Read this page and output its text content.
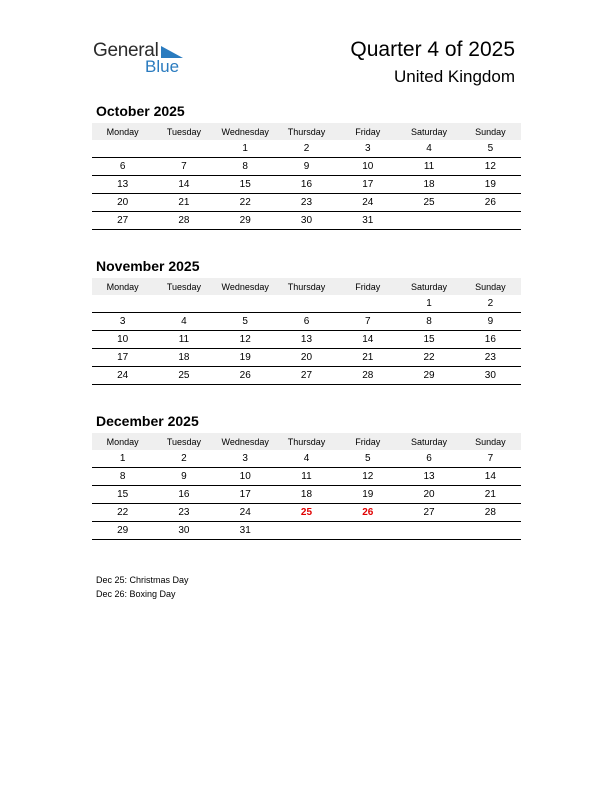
General
Blue
Quarter 4 of 2025
United Kingdom
October 2025
Monday	Tuesday	Wednesday	Thursday	Friday	Saturday	Sunday
		1	2	3	4	5
6	7	8	9	10	11	12
13	14	15	16	17	18	19
20	21	22	23	24	25	26
27	28	29	30	31		
November 2025
Monday	Tuesday	Wednesday	Thursday	Friday	Saturday	Sunday
					1	2
3	4	5	6	7	8	9
10	11	12	13	14	15	16
17	18	19	20	21	22	23
24	25	26	27	28	29	30
December 2025
Monday	Tuesday	Wednesday	Thursday	Friday	Saturday	Sunday
1	2	3	4	5	6	7
8	9	10	11	12	13	14
15	16	17	18	19	20	21
22	23	24	25	26	27	28
29	30	31				
Dec 25: Christmas Day
Dec 26: Boxing Day
